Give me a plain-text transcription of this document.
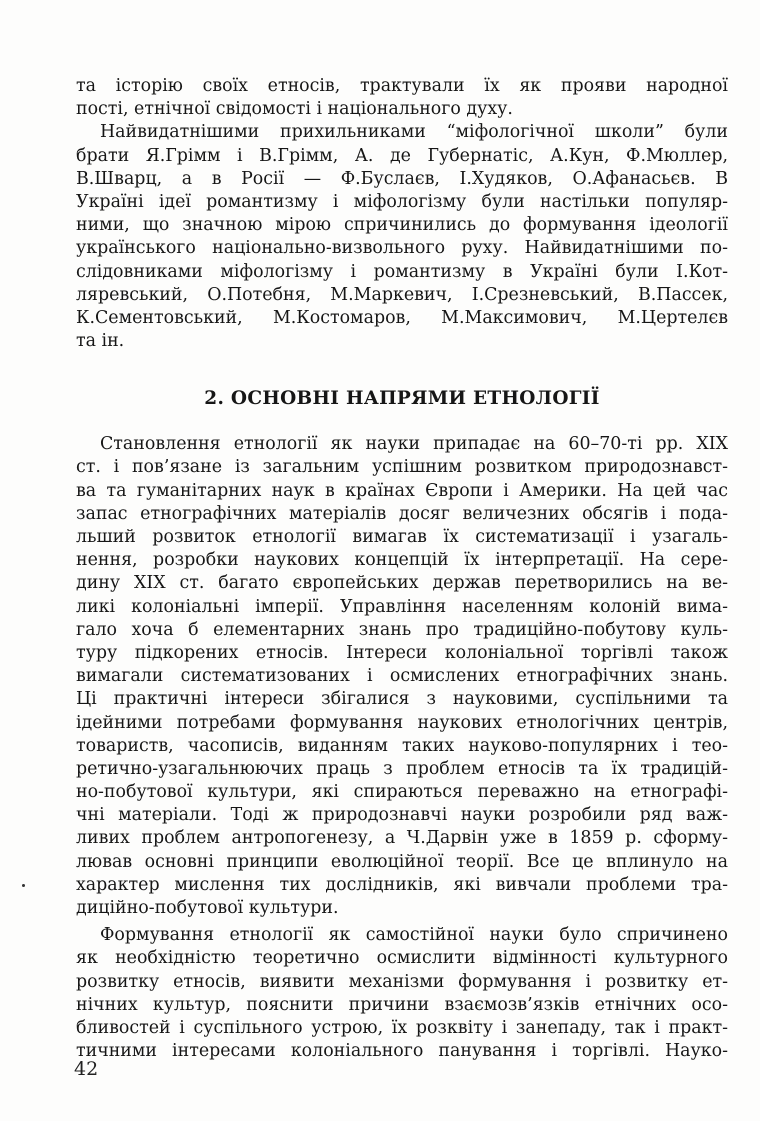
та історію своїх етносів, трактували їх як прояви народної
пості, етнічної свідомості і національного духу.
Найвидатнішими прихильниками “міфологічної школи” були
брати Я.Грімм і В.Грімм, А. де Губернатіс, А.Кун, Ф.Мюллер,
В.Шварц, а в Росії — Ф.Буслаєв, І.Худяков, О.Афанасьєв. В
Україні ідеї романтизму і міфологізму були настільки популяр-
ними, що значною мірою спричинились до формування ідеології
українського національно-визвольного руху. Найвидатнішими по-
слідовниками міфологізму і романтизму в Україні були І.Кот-
ляревський, О.Потебня, М.Маркевич, І.Срезневський, В.Пассек,
К.Сементовський, М.Костомаров, М.Максимович, М.Цертелєв
та ін.
2. ОСНОВНІ НАПРЯМИ ЕТНОЛОГІЇ
Становлення етнології як науки припадає на 60–70-ті рр. XIX
ст. і пов’язане із загальним успішним розвитком природознавст-
ва та гуманітарних наук в країнах Європи і Америки. На цей час
запас етнографічних матеріалів досяг величезних обсягів і пода-
льший розвиток етнології вимагав їх систематизації і узагаль-
нення, розробки наукових концепцій їх інтерпретації. На сере-
дину XIX ст. багато європейських держав перетворились на ве-
ликі колоніальні імперії. Управління населенням колоній вима-
гало хоча б елементарних знань про традиційно-побутову куль-
туру підкорених етносів. Інтереси колоніальної торгівлі також
вимагали систематизованих і осмислених етнографічних знань.
Ці практичні інтереси збігалися з науковими, суспільними та
ідейними потребами формування наукових етнологічних центрів,
товариств, часописів, виданням таких науково-популярних і тео-
ретично-узагальнюючих праць з проблем етносів та їх традицій-
но-побутової культури, які спираються переважно на етнографі-
чні матеріали. Тоді ж природознавчі науки розробили ряд важ-
ливих проблем антропогенезу, а Ч.Дарвін уже в 1859 р. сформу-
лював основні принципи еволюційної теорії. Все це вплинуло на
характер мислення тих дослідників, які вивчали проблеми тра-
диційно-побутової культури.
Формування етнології як самостійної науки було спричинено
як необхідністю теоретично осмислити відмінності культурного
розвитку етносів, виявити механізми формування і розвитку ет-
нічних культур, пояснити причини взаємозв’язків етнічних осо-
бливостей і суспільного устрою, їх розквіту і занепаду, так і практ-
тичними інтересами колоніального панування і торгівлі. Науко-
42
